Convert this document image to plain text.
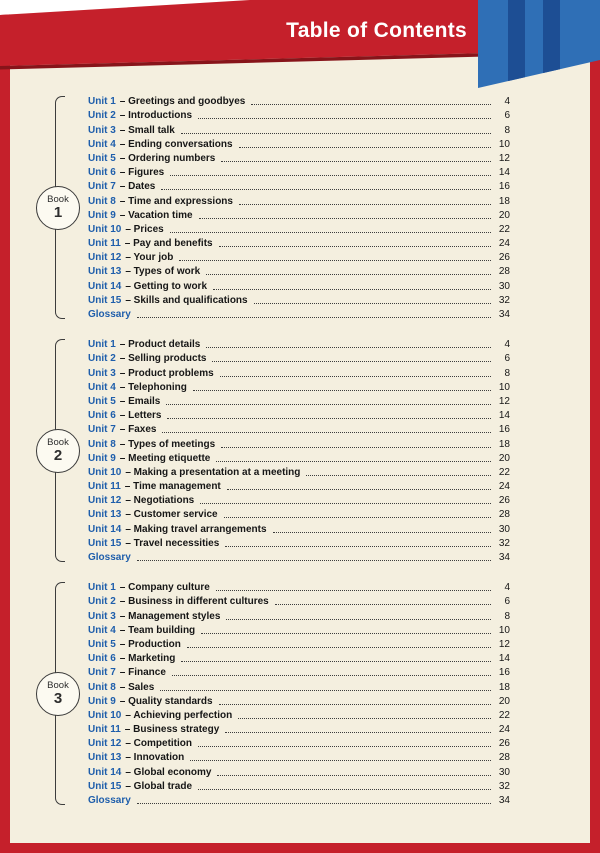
Book
1
Unit 1 – Greetings and goodbyes	4
Unit 2 – Introductions	6
Unit 3 – Small talk	8
Unit 4 – Ending conversations	10
Unit 5 – Ordering numbers	12
Unit 6 – Figures	14
Unit 7 – Dates	16
Unit 8 – Time and expressions	18
Unit 9 – Vacation time	20
Unit 10 – Prices	22
Unit 11 – Pay and benefits	24
Unit 12 – Your job	26
Unit 13 – Types of work	28
Unit 14 – Getting to work	30
Unit 15 – Skills and qualifications	32
Glossary	34
Book
2
Unit 1 – Product details	4
Unit 2 – Selling products	6
Unit 3 – Product problems	8
Unit 4 – Telephoning	10
Unit 5 – Emails	12
Unit 6 – Letters	14
Unit 7 – Faxes	16
Unit 8 – Types of meetings	18
Unit 9 – Meeting etiquette	20
Unit 10 – Making a presentation at a meeting	22
Unit 11 – Time management	24
Unit 12 – Negotiations	26
Unit 13 – Customer service	28
Unit 14 – Making travel arrangements	30
Unit 15 – Travel necessities	32
Glossary	34
Book
3
Unit 1 – Company culture	4
Unit 2 – Business in different cultures	6
Unit 3 – Management styles	8
Unit 4 – Team building	10
Unit 5 – Production	12
Unit 6 – Marketing	14
Unit 7 – Finance	16
Unit 8 – Sales	18
Unit 9 – Quality standards	20
Unit 10 – Achieving perfection	22
Unit 11 – Business strategy	24
Unit 12 – Competition	26
Unit 13 – Innovation	28
Unit 14 – Global economy	30
Unit 15 – Global trade	32
Glossary	34
Table of Contents
